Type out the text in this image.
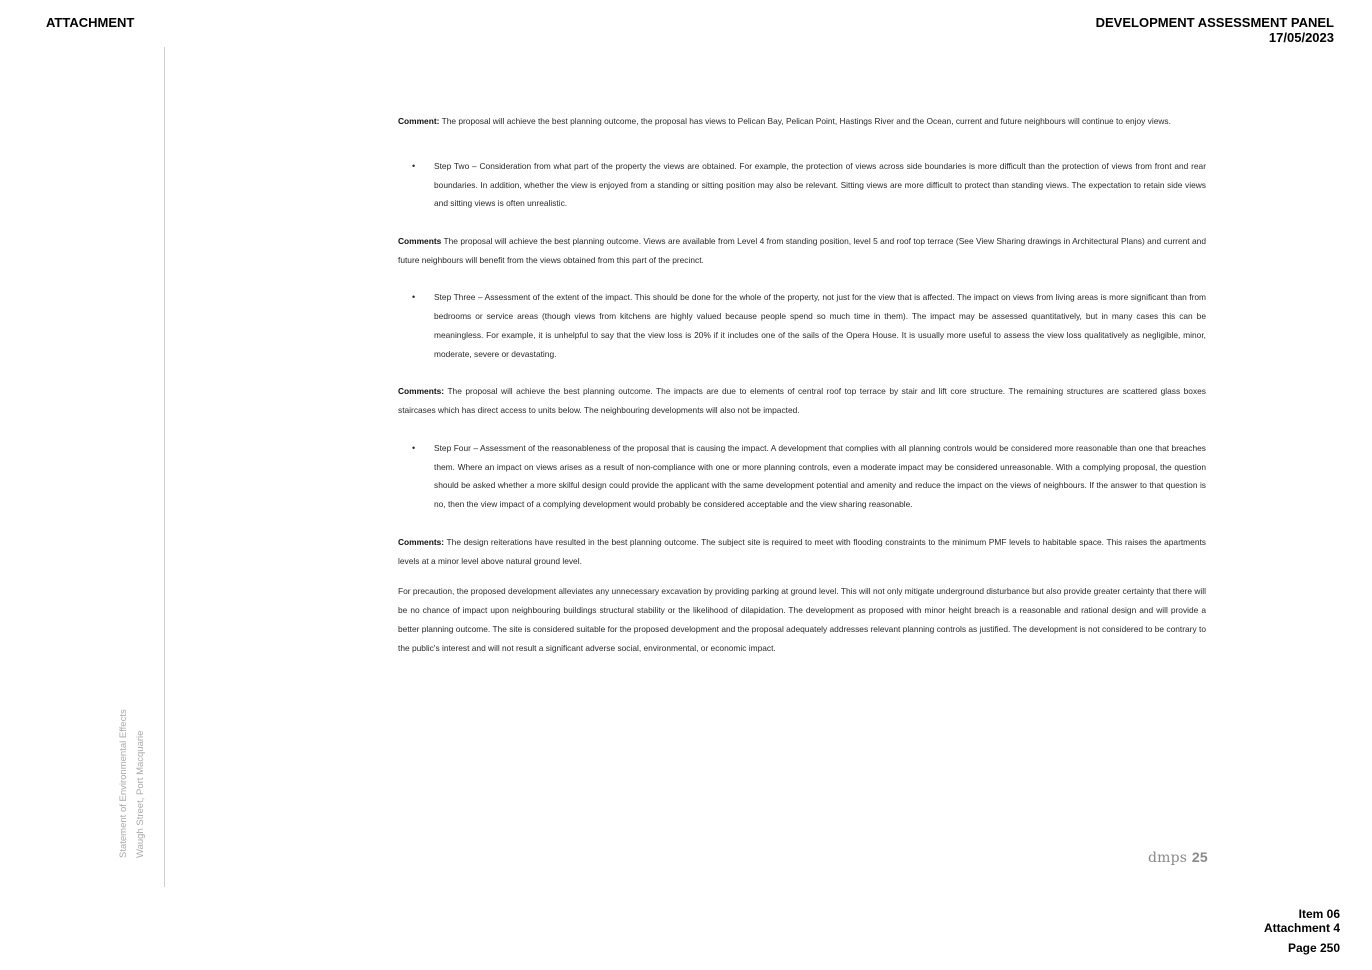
ATTACHMENT	DEVELOPMENT ASSESSMENT PANEL
17/05/2023
Statement of Environmental Effects Waugh Street, Port Macquarie

Comment: The proposal will achieve the best planning outcome, the proposal has views to Pelican Bay, Pelican Point, Hastings River and the Ocean, current and future neighbours will continue to enjoy views.

• Step Two – Consideration from what part of the property the views are obtained. For example, the protection of views across side boundaries is more difficult than the protection of views from front and rear boundaries. In addition, whether the view is enjoyed from a standing or sitting position may also be relevant. Sitting views are more difficult to protect than standing views. The expectation to retain side views and sitting views is often unrealistic.

Comments The proposal will achieve the best planning outcome. Views are available from Level 4 from standing position, level 5 and roof top terrace (See View Sharing drawings in Architectural Plans) and current and future neighbours will benefit from the views obtained from this part of the precinct.

• Step Three – Assessment of the extent of the impact. This should be done for the whole of the property, not just for the view that is affected. The impact on views from living areas is more significant than from bedrooms or service areas (though views from kitchens are highly valued because people spend so much time in them). The impact may be assessed quantitatively, but in many cases this can be meaningless. For example, it is unhelpful to say that the view loss is 20% if it includes one of the sails of the Opera House. It is usually more useful to assess the view loss qualitatively as negligible, minor, moderate, severe or devastating.

Comments: The proposal will achieve the best planning outcome. The impacts are due to elements of central roof top terrace by stair and lift core structure. The remaining structures are scattered glass boxes staircases which has direct access to units below. The neighbouring developments will also not be impacted.

• Step Four – Assessment of the reasonableness of the proposal that is causing the impact. A development that complies with all planning controls would be considered more reasonable than one that breaches them. Where an impact on views arises as a result of non-compliance with one or more planning controls, even a moderate impact may be considered unreasonable. With a complying proposal, the question should be asked whether a more skilful design could provide the applicant with the same development potential and amenity and reduce the impact on the views of neighbours. If the answer to that question is no, then the view impact of a complying development would probably be considered acceptable and the view sharing reasonable.

Comments: The design reiterations have resulted in the best planning outcome. The subject site is required to meet with flooding constraints to the minimum PMF levels to habitable space. This raises the apartments levels at a minor level above natural ground level.

For precaution, the proposed development alleviates any unnecessary excavation by providing parking at ground level. This will not only mitigate underground disturbance but also provide greater certainty that there will be no chance of impact upon neighbouring buildings structural stability or the likelihood of dilapidation. The development as proposed with minor height breach is a reasonable and rational design and will provide a better planning outcome. The site is considered suitable for the proposed development and the proposal adequately addresses relevant planning controls as justified. The development is not considered to be contrary to the public's interest and will not result a significant adverse social, environmental, or economic impact.

dmps 25
Item 06
Attachment 4
Page 250
